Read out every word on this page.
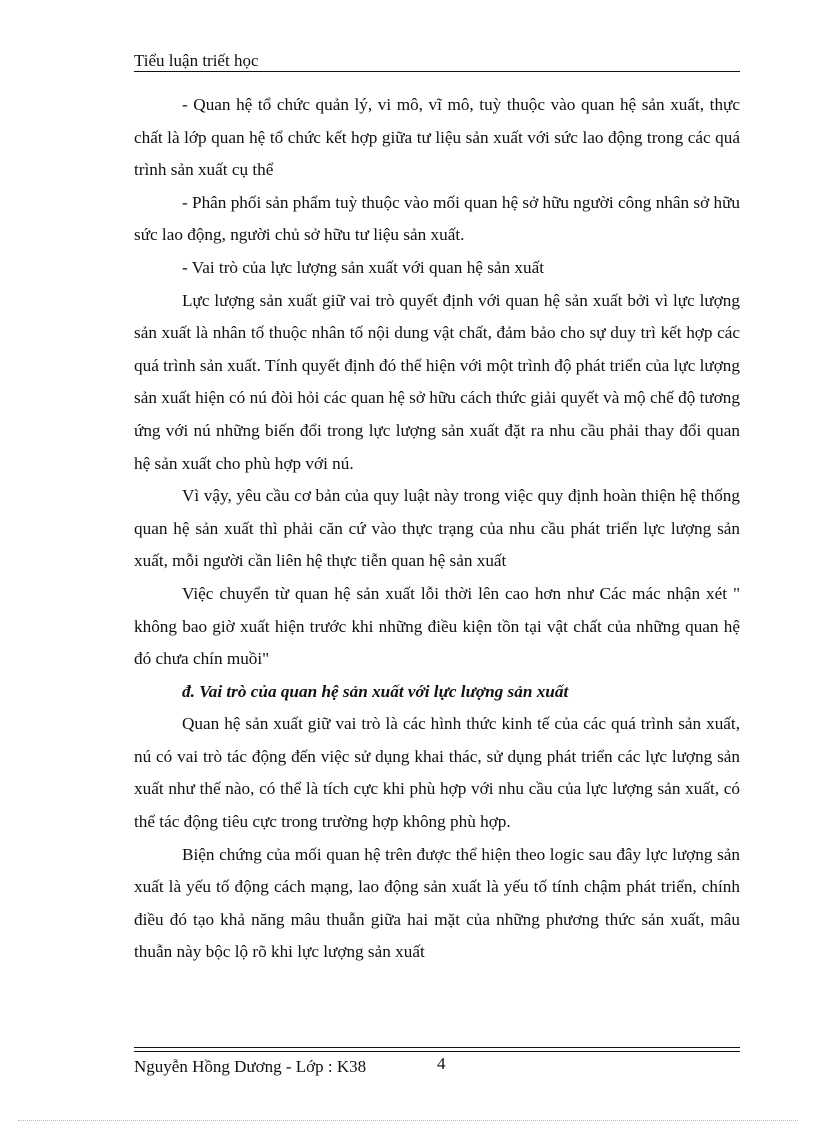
Tiểu luận triết học

- Quan hệ tổ chức quản lý, vi mô, vĩ mô, tuỳ thuộc vào quan hệ sản xuất, thực chất là lớp quan hệ tổ chức kết hợp giữa tư liệu sản xuất với sức lao động trong các quá trình sản xuất cụ thể

- Phân phối sản phẩm tuỳ thuộc vào mối quan hệ sở hữu người công nhân sở hữu sức lao động, người chủ sở hữu tư liệu sản xuất.

- Vai trò của lực lượng sản xuất với quan hệ sản xuất

Lực lượng sản xuất giữ vai trò quyết định với quan hệ sản xuất bởi vì lực lượng sản xuất là nhân tố thuộc nhân tố nội dung vật chất, đảm bảo cho sự duy trì kết hợp các quá trình sản xuất. Tính quyết định đó thể hiện với một trình độ phát triển của lực lượng sản xuất hiện có nú đòi hỏi các quan hệ sở hữu cách thức giải quyết và mộ chế độ tương ứng với nú những biến đổi trong lực lượng sản xuất đặt ra nhu cầu phải thay đổi quan hệ sản xuất cho phù hợp với nú.

Vì vậy, yêu cầu cơ bản của quy luật này trong việc quy định hoàn thiện hệ thống quan hệ sản xuất thì phải căn cứ vào thực trạng của nhu cầu phát triển lực lượng sản xuất, mỗi người cần liên hệ thực tiễn quan hệ sản xuất

Việc chuyển từ quan hệ sản xuất lỗi thời lên cao hơn như Các mác nhận xét " không bao giờ xuất hiện trước khi những điều kiện tồn tại vật chất của những quan hệ đó chưa chín muồi"

đ. Vai trò của quan hệ sản xuất với lực lượng sản xuất

Quan hệ sản xuất giữ vai trò là các hình thức kinh tế của các quá trình sản xuất, nú có vai trò tác động đến việc sử dụng khai thác, sử dụng phát triển các lực lượng sản xuất như thế nào, có thể là tích cực khi phù hợp với nhu cầu của lực lượng sản xuất, có thể tác động tiêu cực trong trường hợp không phù hợp.

Biện chứng của mối quan hệ trên được thể hiện theo logic sau đây lực lượng sản xuất là yếu tố động cách mạng, lao động sản xuất là yếu tố tính chậm phát triển, chính điều đó tạo khả năng mâu thuẫn giữa hai mặt của những phương thức sản xuất, mâu thuẫn này bộc lộ rõ khi lực lượng sản xuất

Nguyễn Hồng Dương - Lớp : K38	4
